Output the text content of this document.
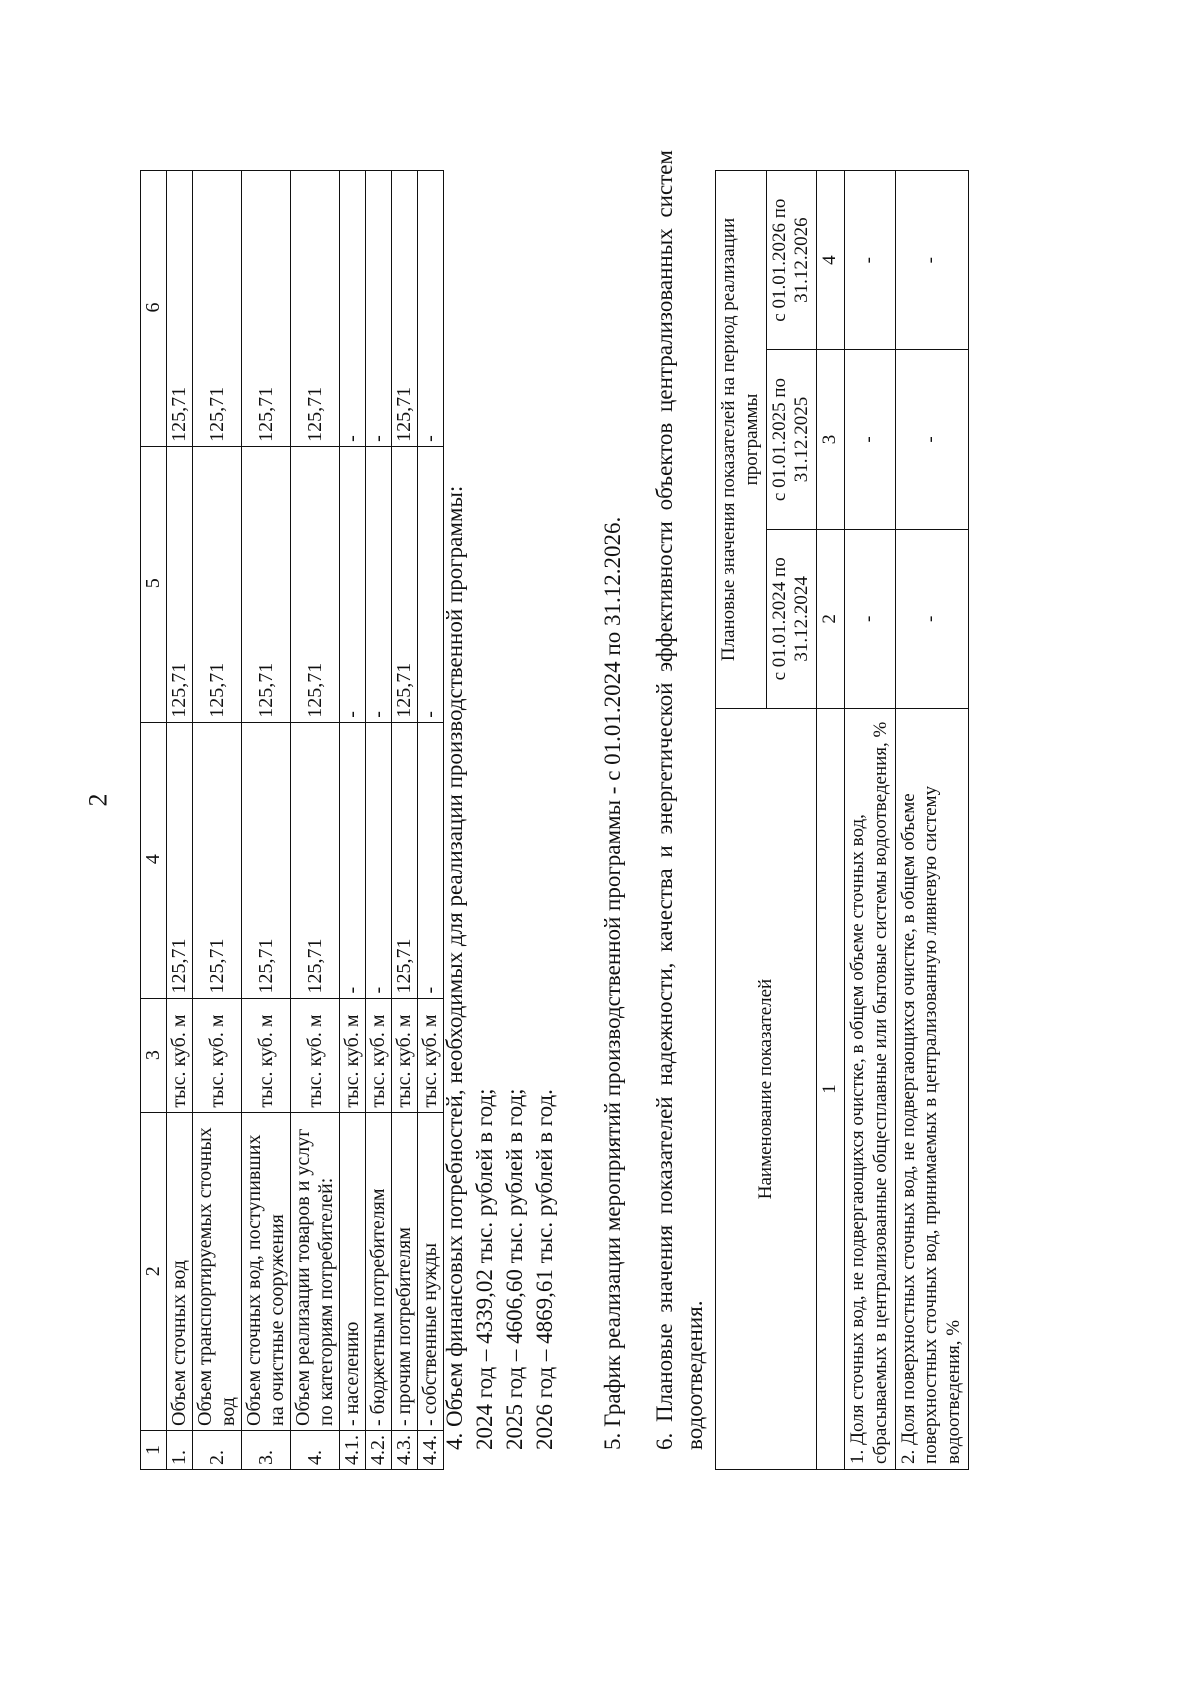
2
1	2	3	4	5	6
1.	Объем сточных вод	тыс. куб. м	125,71	125,71	125,71
2.	Объем транспортируемых сточных вод	тыс. куб. м	125,71	125,71	125,71
3.	Объем сточных вод, поступивших на очистные сооружения	тыс. куб. м	125,71	125,71	125,71
4.	Объем реализации товаров и услуг по категориям потребителей:	тыс. куб. м	125,71	125,71	125,71
4.1.	- населению	тыс. куб. м	-	-	-
4.2.	- бюджетным потребителям	тыс. куб. м	-	-	-
4.3.	- прочим потребителям	тыс. куб. м	125,71	125,71	125,71
4.4.	- собственные нужды	тыс. куб. м	-	-	-
4. Объем финансовых потребностей, необходимых для реализации производственной программы: 2024 год – 4339,02 тыс. рублей в год; 2025 год – 4606,60 тыс. рублей в год; 2026 год – 4869,61 тыс. рублей в год. 5. График реализации мероприятий производственной программы - с 01.01.2024 по 31.12.2026. 6. Плановые значения показателей надежности, качества и энергетической эффективности объектов централизованных систем водоотведения.
Наименование показателей	Плановые значения показателей на период реализации программы		
	с 01.01.2024 по 31.12.2024	с 01.01.2025 по 31.12.2025	с 01.01.2026 по 31.12.2026
1	2	3	4
1. Доля сточных вод, не подвергающихся очистке, в общем объеме сточных вод, сбрасываемых в централизованные общесплавные или бытовые системы водоотведения, %	-	-	-
2. Доля поверхностных сточных вод, не подвергающихся очистке, в общем объеме поверхностных сточных вод, принимаемых в централизованную ливневую систему водоотведения, %	-	-	-
